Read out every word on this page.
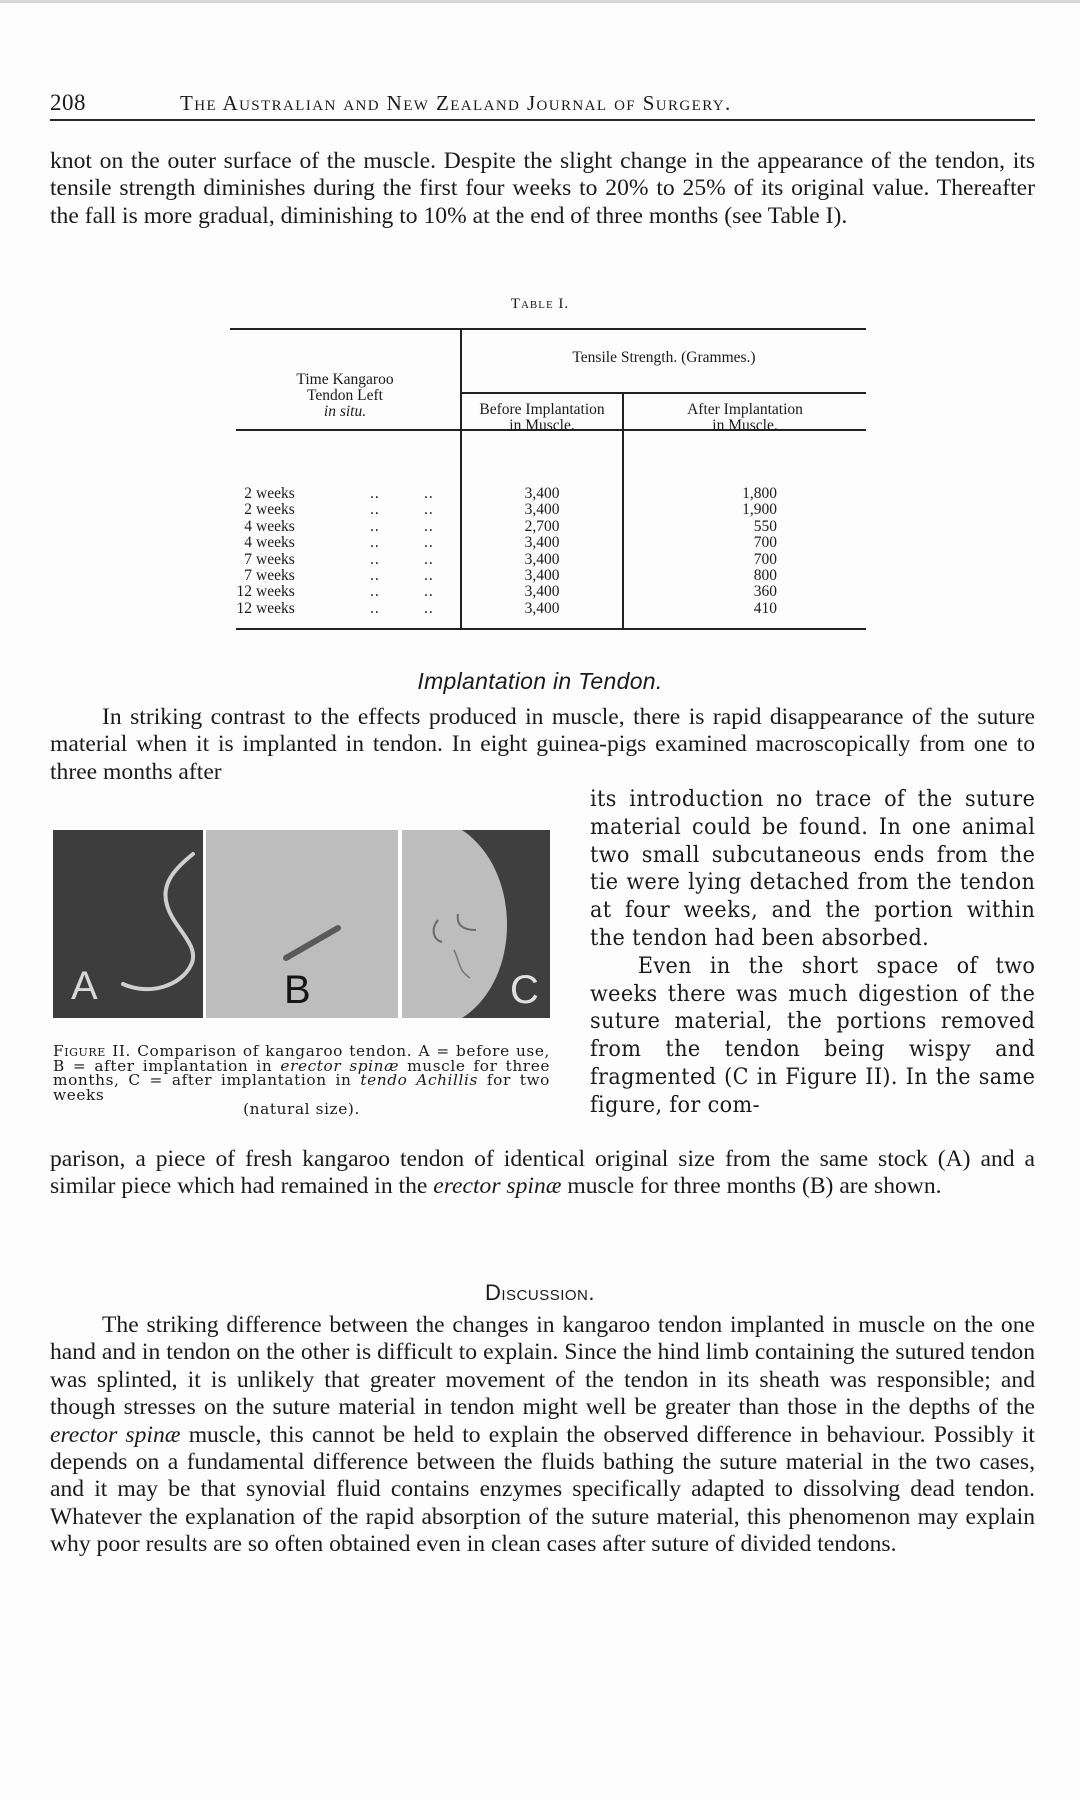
208	The Australian and New Zealand Journal of Surgery.

knot on the outer surface of the muscle. Despite the slight change in the appearance of the tendon, its tensile strength diminishes during the first four weeks to 20% to 25% of its original value. Thereafter the fall is more gradual, diminishing to 10% at the end of three months (see Table I).

Table I.
Time Kangaroo
Tendon Left
in situ.
Tensile Strength. (Grammes.)
Before Implantation
in Muscle.
After Implantation
in Muscle.
2 weeks	..	..	3,400	1,800
2 weeks	..	..	3,400	1,900
4 weeks	..	..	2,700	550
4 weeks	..	..	3,400	700
7 weeks	..	..	3,400	700
7 weeks	..	..	3,400	800
12 weeks	..	..	3,400	360
12 weeks	..	..	3,400	410
Implantation in Tendon.

In striking contrast to the effects produced in muscle, there is rapid disappearance of the suture material when it is implanted in tendon. In eight guinea-pigs examined macroscopically from one to three months after

A	B	C
Figure II. Comparison of kangaroo tendon. A = before use, B = after implantation in erector spinæ muscle for three months, C = after implantation in tendo Achillis for two weeks
(natural size).

its introduction no trace of the suture material could be found. In one animal two small subcutaneous ends from the tie were lying detached from the tendon at four weeks, and the portion within the tendon had been absorbed.

Even in the short space of two weeks there was much digestion of the suture material, the portions removed from the tendon being wispy and fragmented (C in Figure II). In the same figure, for com-

parison, a piece of fresh kangaroo tendon of identical original size from the same stock (A) and a similar piece which had remained in the erector spinæ muscle for three months (B) are shown.

Discussion.

The striking difference between the changes in kangaroo tendon implanted in muscle on the one hand and in tendon on the other is difficult to explain. Since the hind limb containing the sutured tendon was splinted, it is unlikely that greater movement of the tendon in its sheath was responsible; and though stresses on the suture material in tendon might well be greater than those in the depths of the erector spinæ muscle, this cannot be held to explain the observed difference in behaviour. Possibly it depends on a fundamental difference between the fluids bathing the suture material in the two cases, and it may be that synovial fluid contains enzymes specifically adapted to dissolving dead tendon. Whatever the explanation of the rapid absorption of the suture material, this phenomenon may explain why poor results are so often obtained even in clean cases after suture of divided tendons.
